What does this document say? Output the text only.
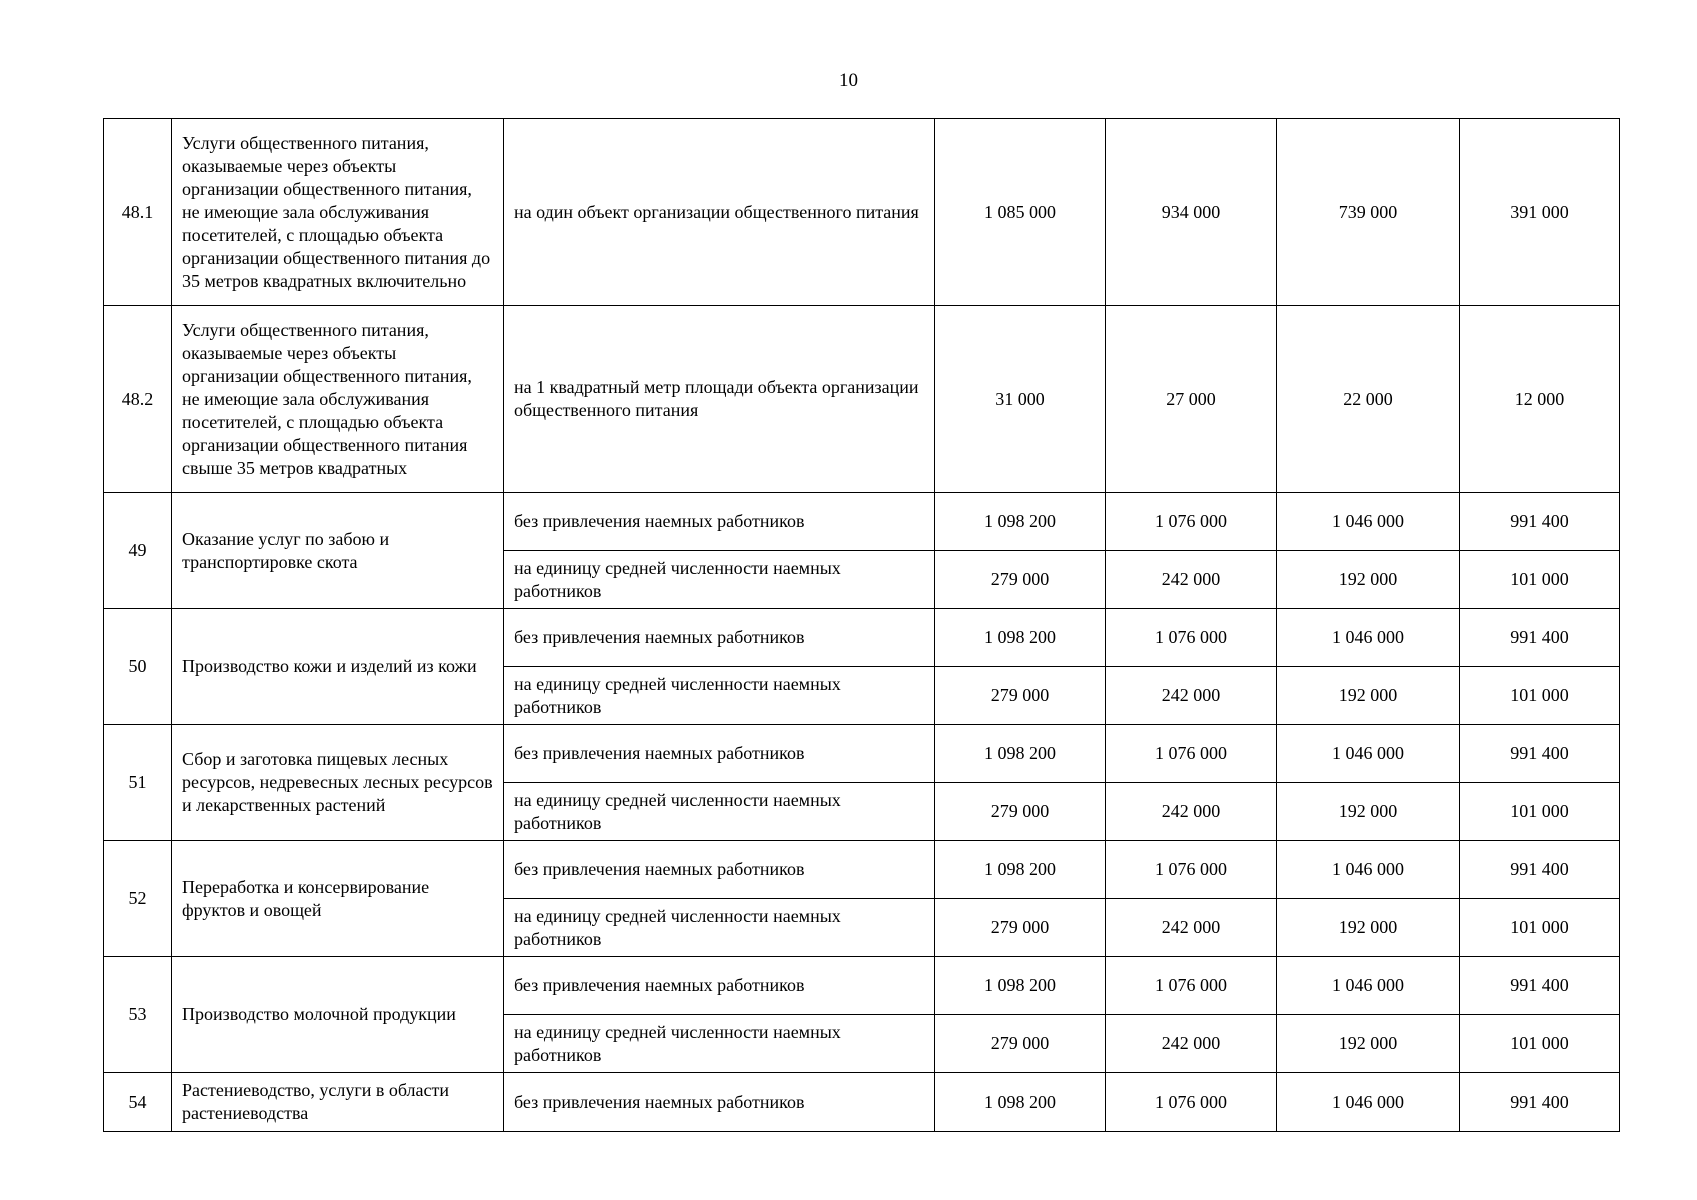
10
48.1	Услуги общественного питания, оказываемые через объекты организации общественного питания, не имеющие зала обслуживания посетителей, с площадью объекта организации общественного питания до 35 метров квадратных включительно	на один объект организации общественного питания	1 085 000	934 000	739 000	391 000
48.2	Услуги общественного питания, оказываемые через объекты организации общественного питания, не имеющие зала обслуживания посетителей, с площадью объекта организации общественного питания свыше 35 метров квадратных	на 1 квадратный метр площади объекта организации общественного питания	31 000	27 000	22 000	12 000
49	Оказание услуг по забою и транспортировке скота	без привлечения наемных работников	1 098 200	1 076 000	1 046 000	991 400
		на единицу средней численности наемных работников	279 000	242 000	192 000	101 000
50	Производство кожи и изделий из кожи	без привлечения наемных работников	1 098 200	1 076 000	1 046 000	991 400
		на единицу средней численности наемных работников	279 000	242 000	192 000	101 000
51	Сбор и заготовка пищевых лесных ресурсов, недревесных лесных ресурсов и лекарственных растений	без привлечения наемных работников	1 098 200	1 076 000	1 046 000	991 400
		на единицу средней численности наемных работников	279 000	242 000	192 000	101 000
52	Переработка и консервирование фруктов и овощей	без привлечения наемных работников	1 098 200	1 076 000	1 046 000	991 400
		на единицу средней численности наемных работников	279 000	242 000	192 000	101 000
53	Производство молочной продукции	без привлечения наемных работников	1 098 200	1 076 000	1 046 000	991 400
		на единицу средней численности наемных работников	279 000	242 000	192 000	101 000
54	Растениеводство, услуги в области растениеводства	без привлечения наемных работников	1 098 200	1 076 000	1 046 000	991 400
